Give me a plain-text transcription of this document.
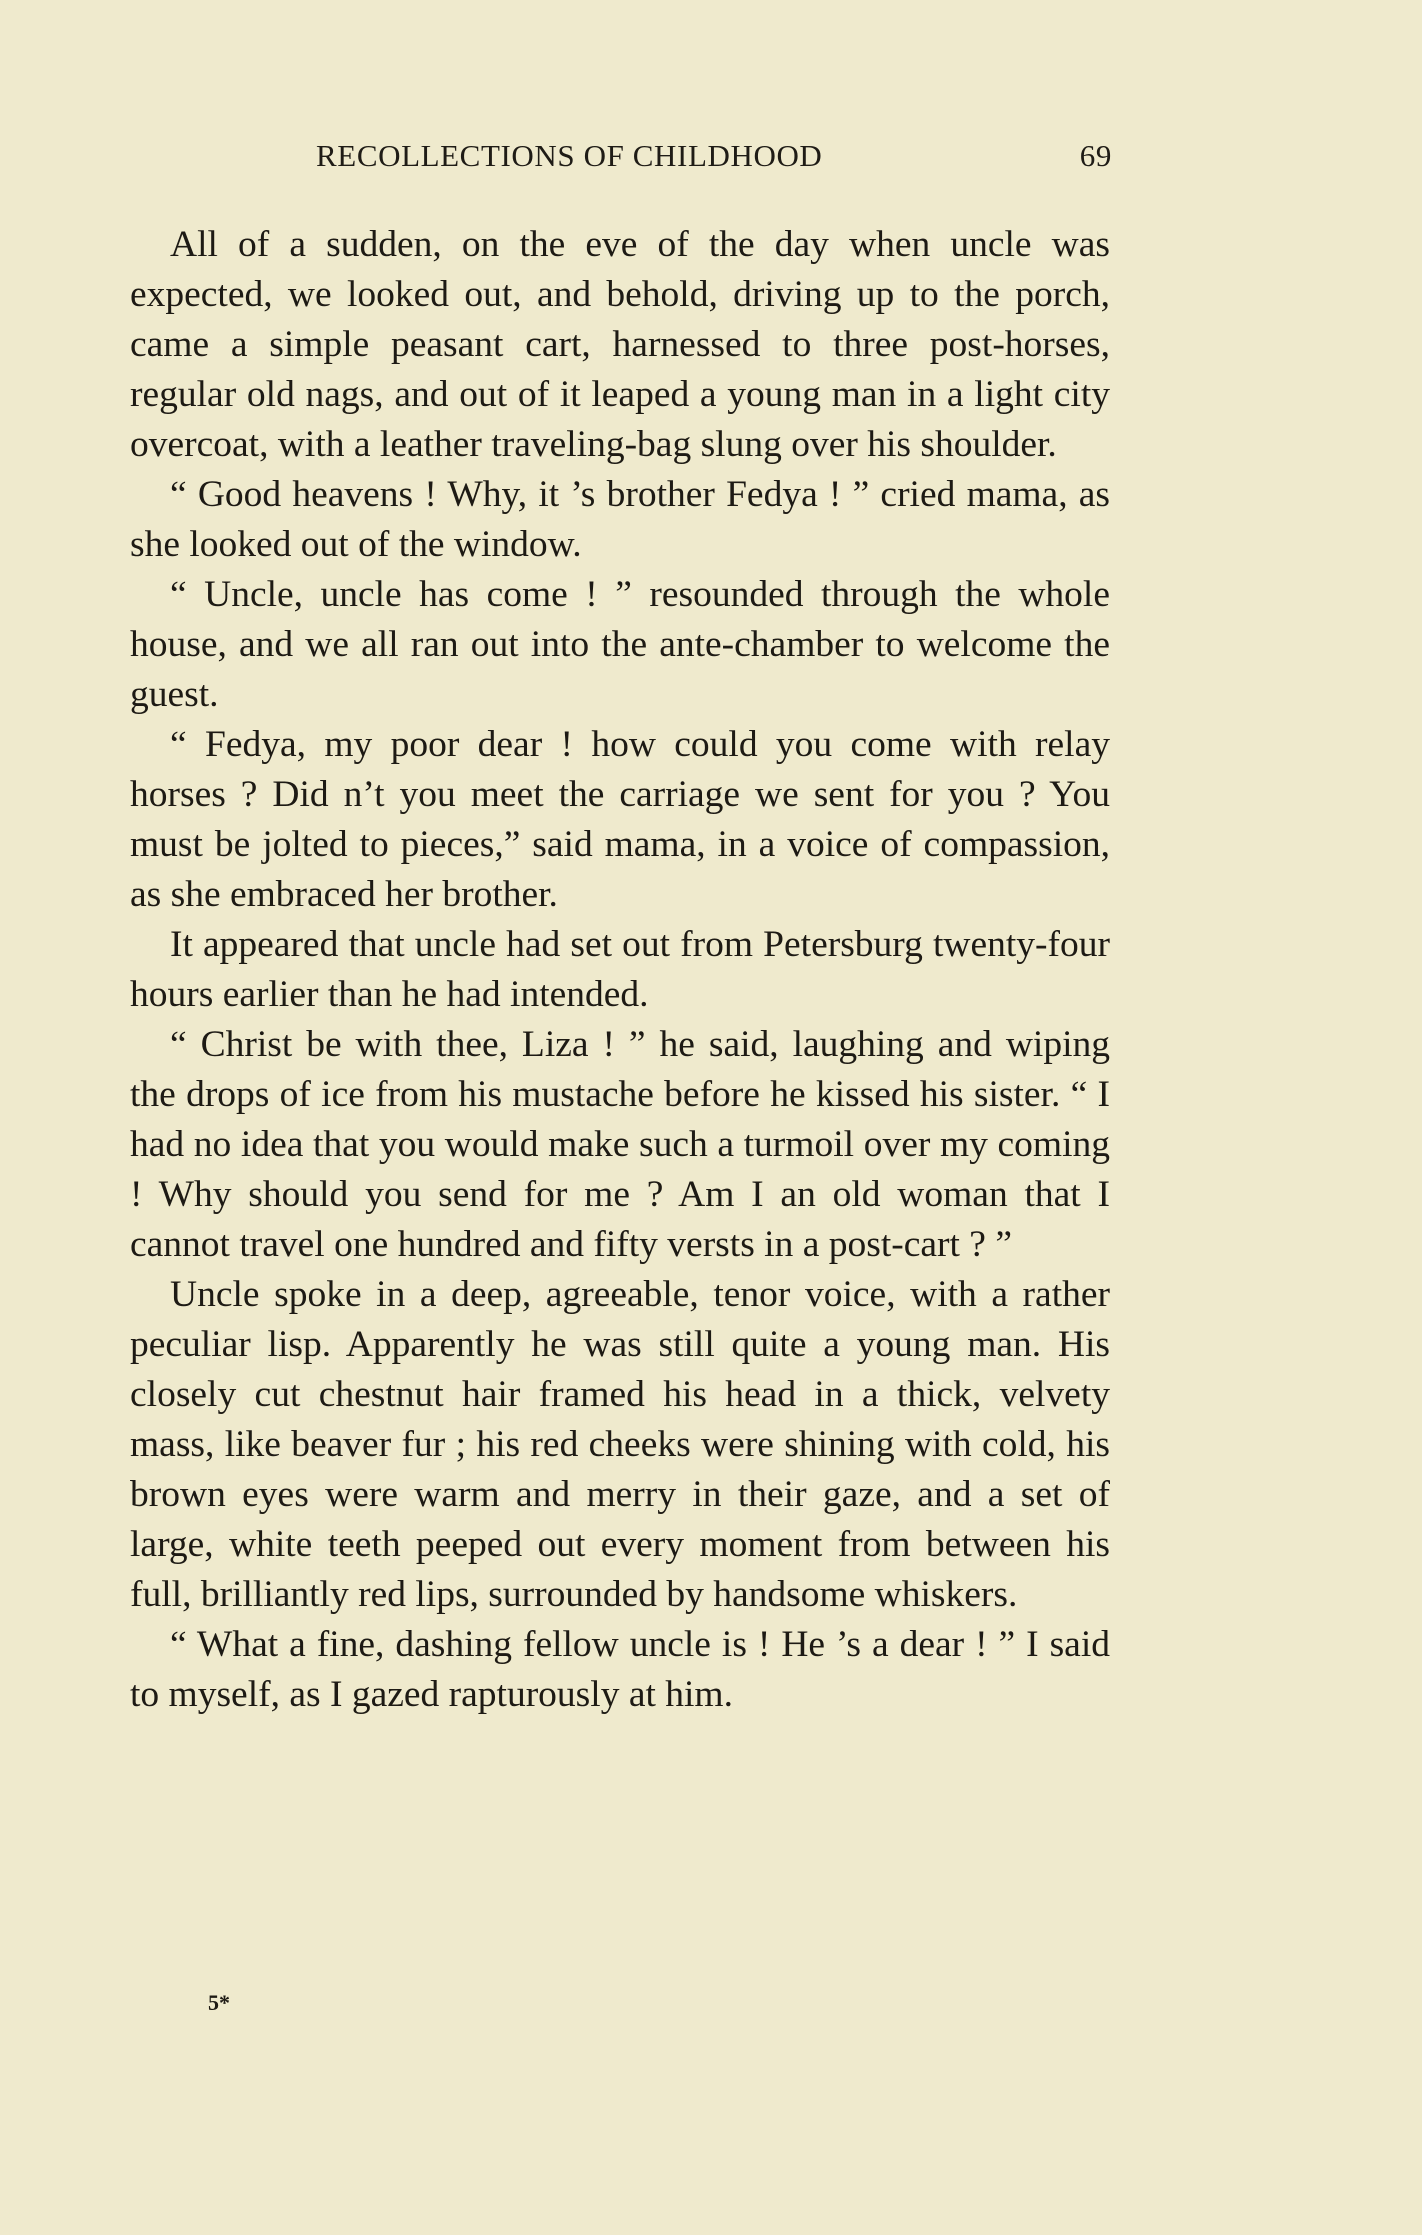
RECOLLECTIONS OF CHILDHOOD	69

All of a sudden, on the eve of the day when uncle was expected, we looked out, and behold, driving up to the porch, came a simple peasant cart, harnessed to three post-horses, regular old nags, and out of it leaped a young man in a light city overcoat, with a leather traveling-bag slung over his shoulder.

“ Good heavens ! Why, it ’s brother Fedya ! ” cried mama, as she looked out of the window.

“ Uncle, uncle has come ! ” resounded through the whole house, and we all ran out into the ante-chamber to welcome the guest.

“ Fedya, my poor dear ! how could you come with relay horses ? Did n’t you meet the carriage we sent for you ? You must be jolted to pieces,” said mama, in a voice of compassion, as she embraced her brother.

It appeared that uncle had set out from Petersburg twenty-four hours earlier than he had intended.

“ Christ be with thee, Liza ! ” he said, laughing and wiping the drops of ice from his mustache before he kissed his sister. “ I had no idea that you would make such a turmoil over my coming ! Why should you send for me ? Am I an old woman that I cannot travel one hundred and fifty versts in a post-cart ? ”

Uncle spoke in a deep, agreeable, tenor voice, with a rather peculiar lisp. Apparently he was still quite a young man. His closely cut chestnut hair framed his head in a thick, velvety mass, like beaver fur ; his red cheeks were shining with cold, his brown eyes were warm and merry in their gaze, and a set of large, white teeth peeped out every moment from between his full, brilliantly red lips, surrounded by handsome whiskers.

“ What a fine, dashing fellow uncle is ! He ’s a dear ! ” I said to myself, as I gazed rapturously at him.

5*
